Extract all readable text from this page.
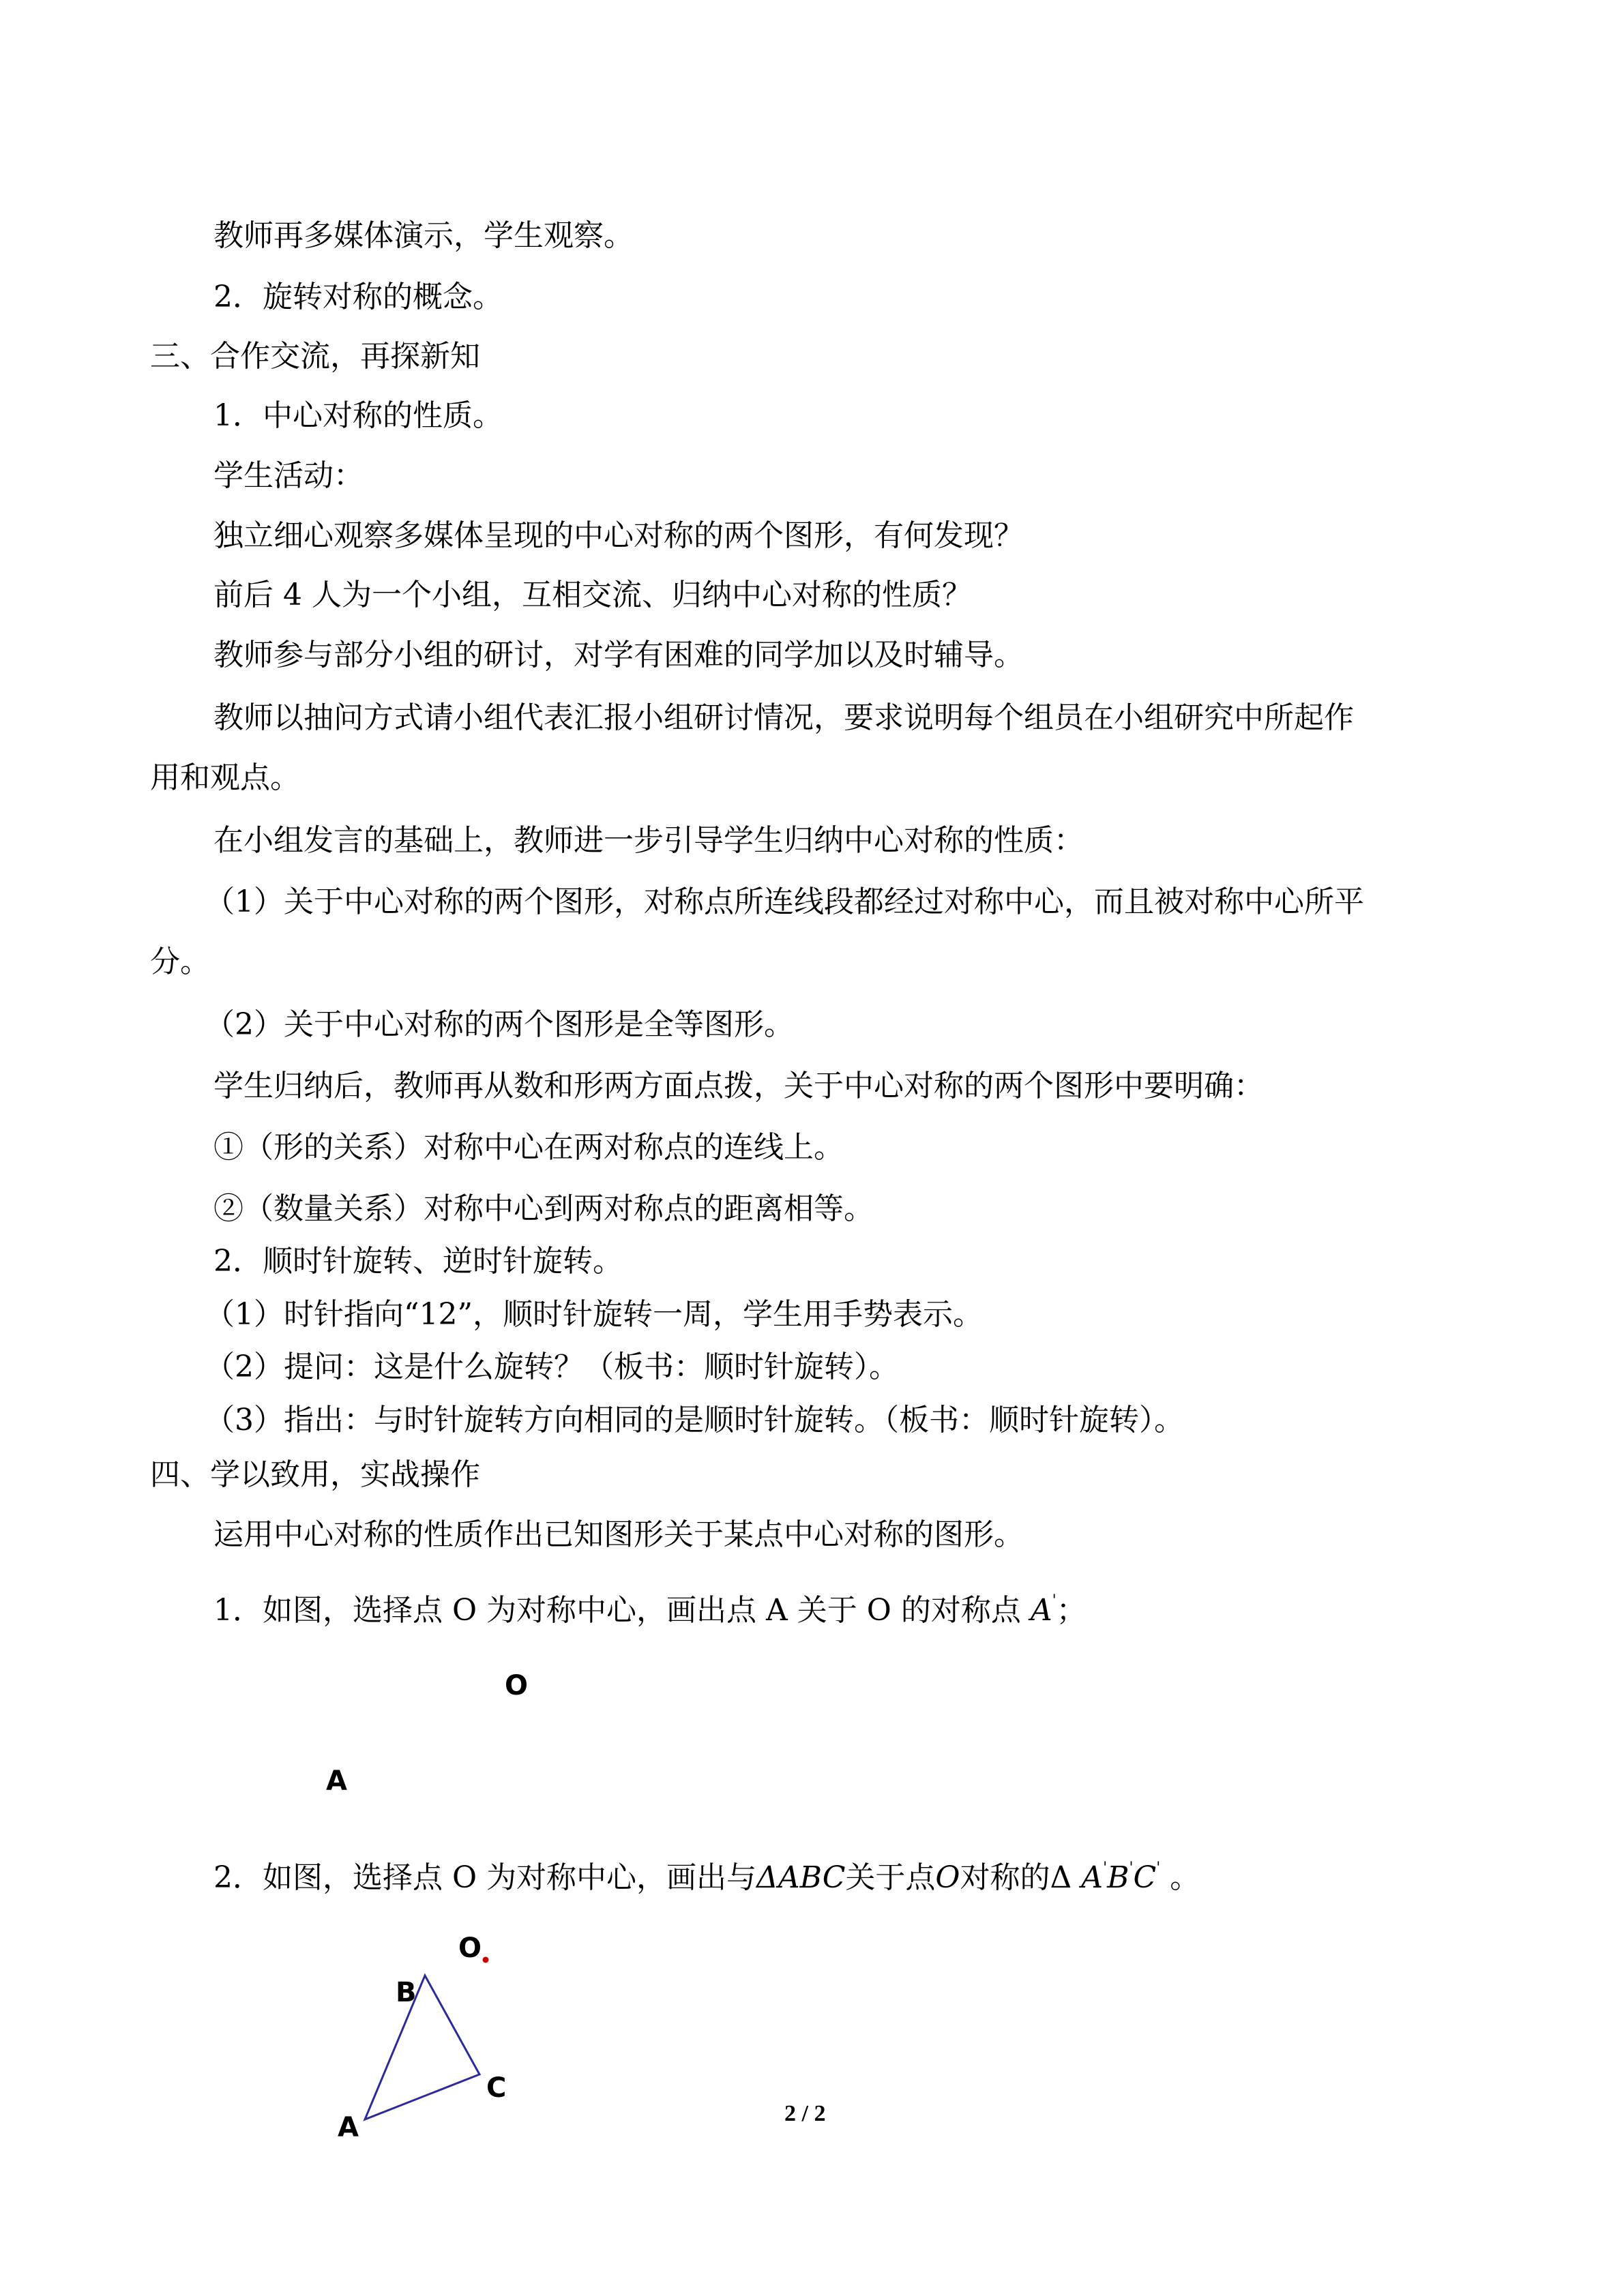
教师再多媒体演示，学生观察。
2．旋转对称的概念。
三、合作交流，再探新知
1．中心对称的性质。
学生活动：
独立细心观察多媒体呈现的中心对称的两个图形，有何发现？
前后 4 人为一个小组，互相交流、归纳中心对称的性质？
教师参与部分小组的研讨，对学有困难的同学加以及时辅导。
教师以抽问方式请小组代表汇报小组研讨情况，要求说明每个组员在小组研究中所起作
用和观点。
在小组发言的基础上，教师进一步引导学生归纳中心对称的性质：
（1）关于中心对称的两个图形，对称点所连线段都经过对称中心，而且被对称中心所平
分。
（2）关于中心对称的两个图形是全等图形。
学生归纳后，教师再从数和形两方面点拨，关于中心对称的两个图形中要明确：
①（形的关系）对称中心在两对称点的连线上。
②（数量关系）对称中心到两对称点的距离相等。
2．顺时针旋转、逆时针旋转。
（1）时针指向“12”，顺时针旋转一周，学生用手势表示。
（2）提问：这是什么旋转？（板书：顺时针旋转）。
（3）指出：与时针旋转方向相同的是顺时针旋转。（板书：顺时针旋转）。
四、学以致用，实战操作
运用中心对称的性质作出已知图形关于某点中心对称的图形。
1．如图，选择点 O 为对称中心，画出点 A 关于 O 的对称点 A'；
O
A
2．如图，选择点 O 为对称中心，画出与ΔABC关于点O对称的Δ A'B'C' 。
O
B
C
A	2 / 2
